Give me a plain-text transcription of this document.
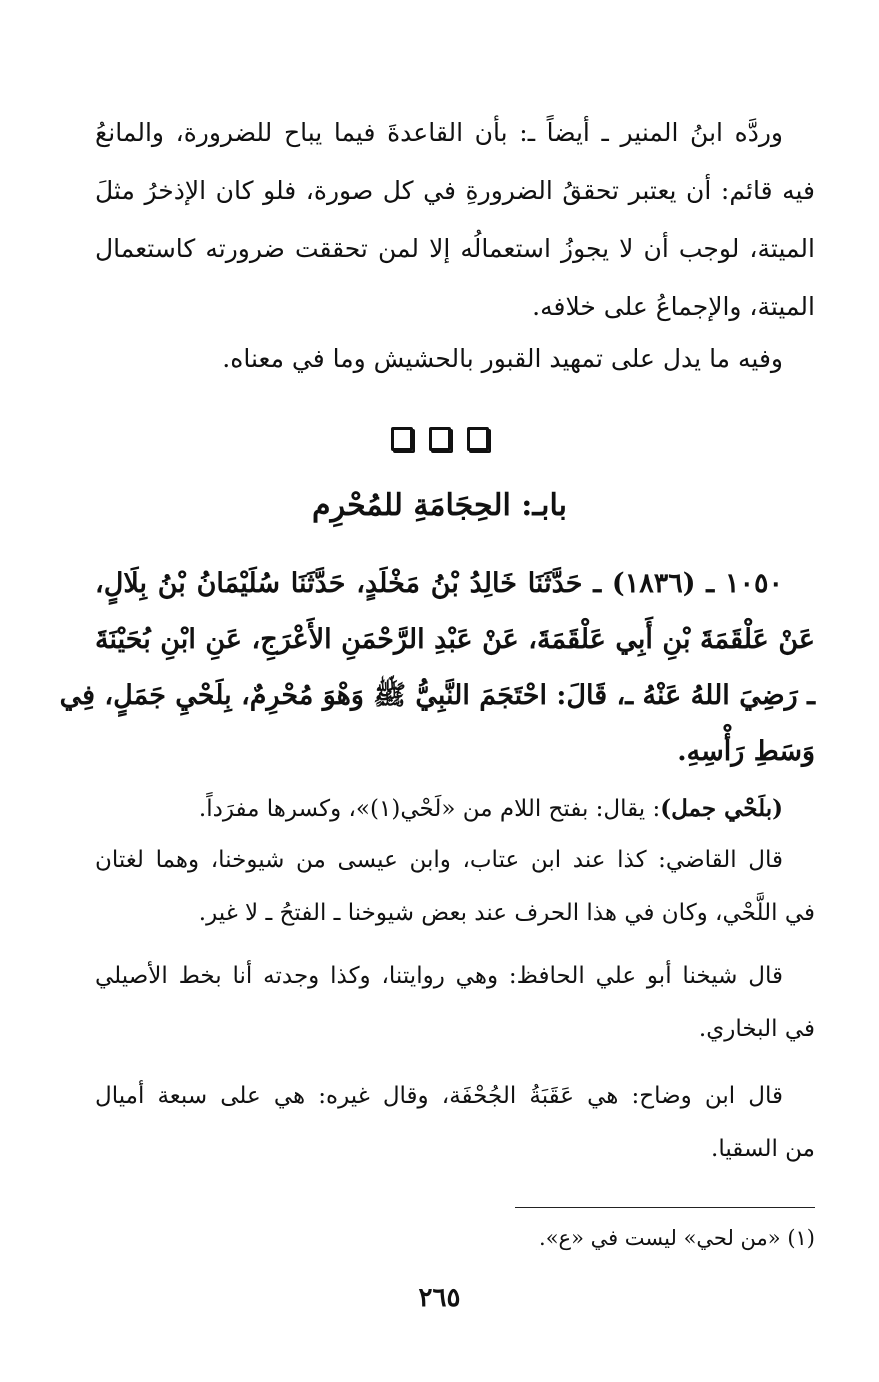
وردَّه ابنُ المنير ـ أيضاً ـ: بأن القاعدةَ فيما يباح للضرورة، والمانعُ
فيه قائم: أن يعتبر تحققُ الضرورةِ في كل صورة، فلو كان الإذخرُ مثلَ
الميتة، لوجب أن لا يجوزُ استعمالُه إلا لمن تحققت ضرورته كاستعمال
الميتة، والإجماعُ على خلافه.
وفيه ما يدل على تمهيد القبور بالحشيش وما في معناه.
بابـ: الحِجَامَةِ للمُحْرِم
١٠٥٠ ـ (١٨٣٦) ـ حَدَّثَنَا خَالِدُ بْنُ مَخْلَدٍ، حَدَّثَنَا سُلَيْمَانُ بْنُ بِلَالٍ،
عَنْ عَلْقَمَةَ بْنِ أَبِي عَلْقَمَةَ، عَنْ عَبْدِ الرَّحْمَنِ الأَعْرَجِ، عَنِ ابْنِ بُحَيْنَةَ
ـ رَضِيَ اللهُ عَنْهُ ـ، قَالَ: احْتَجَمَ النَّبِيُّ ﷺ وَهْوَ مُحْرِمٌ، بِلَحْيِ جَمَلٍ، فِي
وَسَطِ رَأْسِهِ.
(بلَحْي جمل): يقال: بفتح اللام من «لَحْي(١)»، وكسرها مفرَداً.
قال القاضي: كذا عند ابن عتاب، وابن عيسى من شيوخنا، وهما لغتان
في اللَّحْي، وكان في هذا الحرف عند بعض شيوخنا ـ الفتحُ ـ لا غير.
قال شيخنا أبو علي الحافظ: وهي روايتنا، وكذا وجدته أنا بخط الأصيلي
في البخاري.
قال ابن وضاح: هي عَقَبَةُ الجُحْفَة، وقال غيره: هي على سبعة أميال
من السقيا.
(١) «من لحي» ليست في «ع».
٢٦٥
